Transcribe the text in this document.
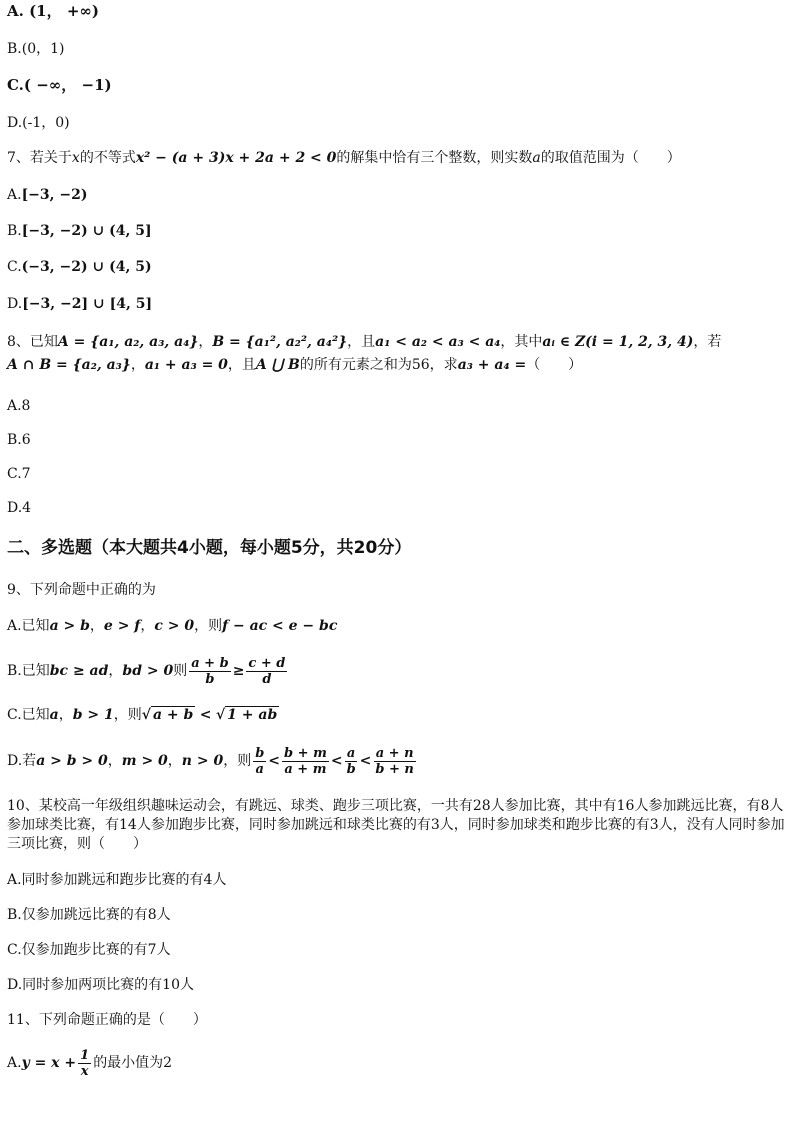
A. (1， +∞)
B.(0，1)
C.( −∞， −1)
D.(-1，0)
7、若关于x的不等式x² − (a + 3)x + 2a + 2 < 0的解集中恰有三个整数，则实数a的取值范围为（　　）
A.[−3, −2)
B.[−3, −2) ∪ (4, 5]
C.(−3, −2) ∪ (4, 5)
D.[−3, −2] ∪ [4, 5]
8、已知A = {a₁, a₂, a₃, a₄}，B = {a₁², a₂², a₄²}，且a₁ < a₂ < a₃ < a₄，其中aᵢ ∈ Z(i = 1, 2, 3, 4)，若
A ∩ B = {a₂, a₃}，a₁ + a₃ = 0，且A ⋃ B的所有元素之和为56，求a₃ + a₄ =（　　）
A.8
B.6
C.7
D.4
二、多选题（本大题共4小题，每小题5分，共20分）
9、下列命题中正确的为
A.已知a > b，e > f，c > 0，则f − ac < e − bc
B.已知bc ≥ ad，bd > 0则 $\frac{a + b}{b} \ge \frac{c + d}{d}$
C.已知a，b > 1，则√ a + b < √ 1 + ab
D.若a > b > 0，m > 0，n > 0，则 $\frac{b}{a} < \frac{b + m}{a + m} < \frac{a}{b} < \frac{a + n}{b + n}$
10、某校高一年级组织趣味运动会，有跳远、球类、跑步三项比赛，一共有28人参加比赛，其中有16人参加跳远比赛，有8人参加球类比赛，有14人参加跑步比赛，同时参加跳远和球类比赛的有3人，同时参加球类和跑步比赛的有3人，没有人同时参加三项比赛，则（　　）
A.同时参加跳远和跑步比赛的有4人
B.仅参加跳远比赛的有8人
C.仅参加跑步比赛的有7人
D.同时参加两项比赛的有10人
11、下列命题正确的是（　　）
$A.y = x + \frac{1}{x}$ 的最小值为2
